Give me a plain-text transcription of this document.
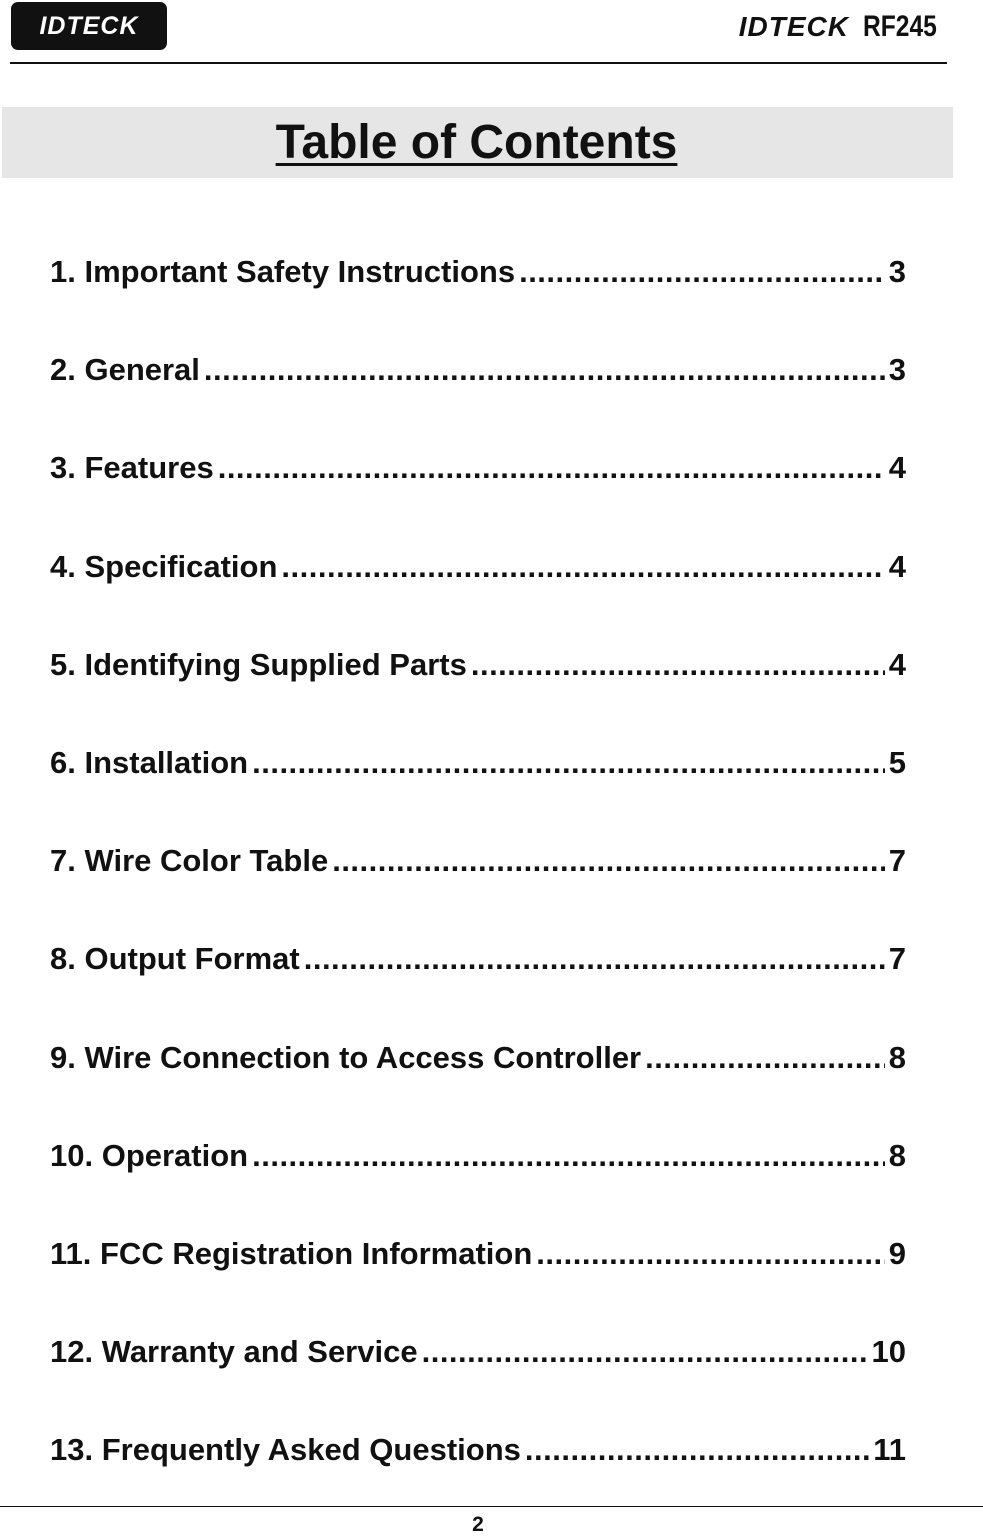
IDTECK	IDTECK RF245
Table of Contents
1. Important Safety Instructions .....	3
2. General .....	3
3. Features .....	4
4. Specification .....	4
5. Identifying Supplied Parts .....	4
6. Installation .....	5
7. Wire Color Table .....	7
8. Output Format .....	7
9. Wire Connection to Access Controller .....	8
10. Operation .....	8
11. FCC Registration Information .....	9
12. Warranty and Service .....	10
13. Frequently Asked Questions .....	11
2
